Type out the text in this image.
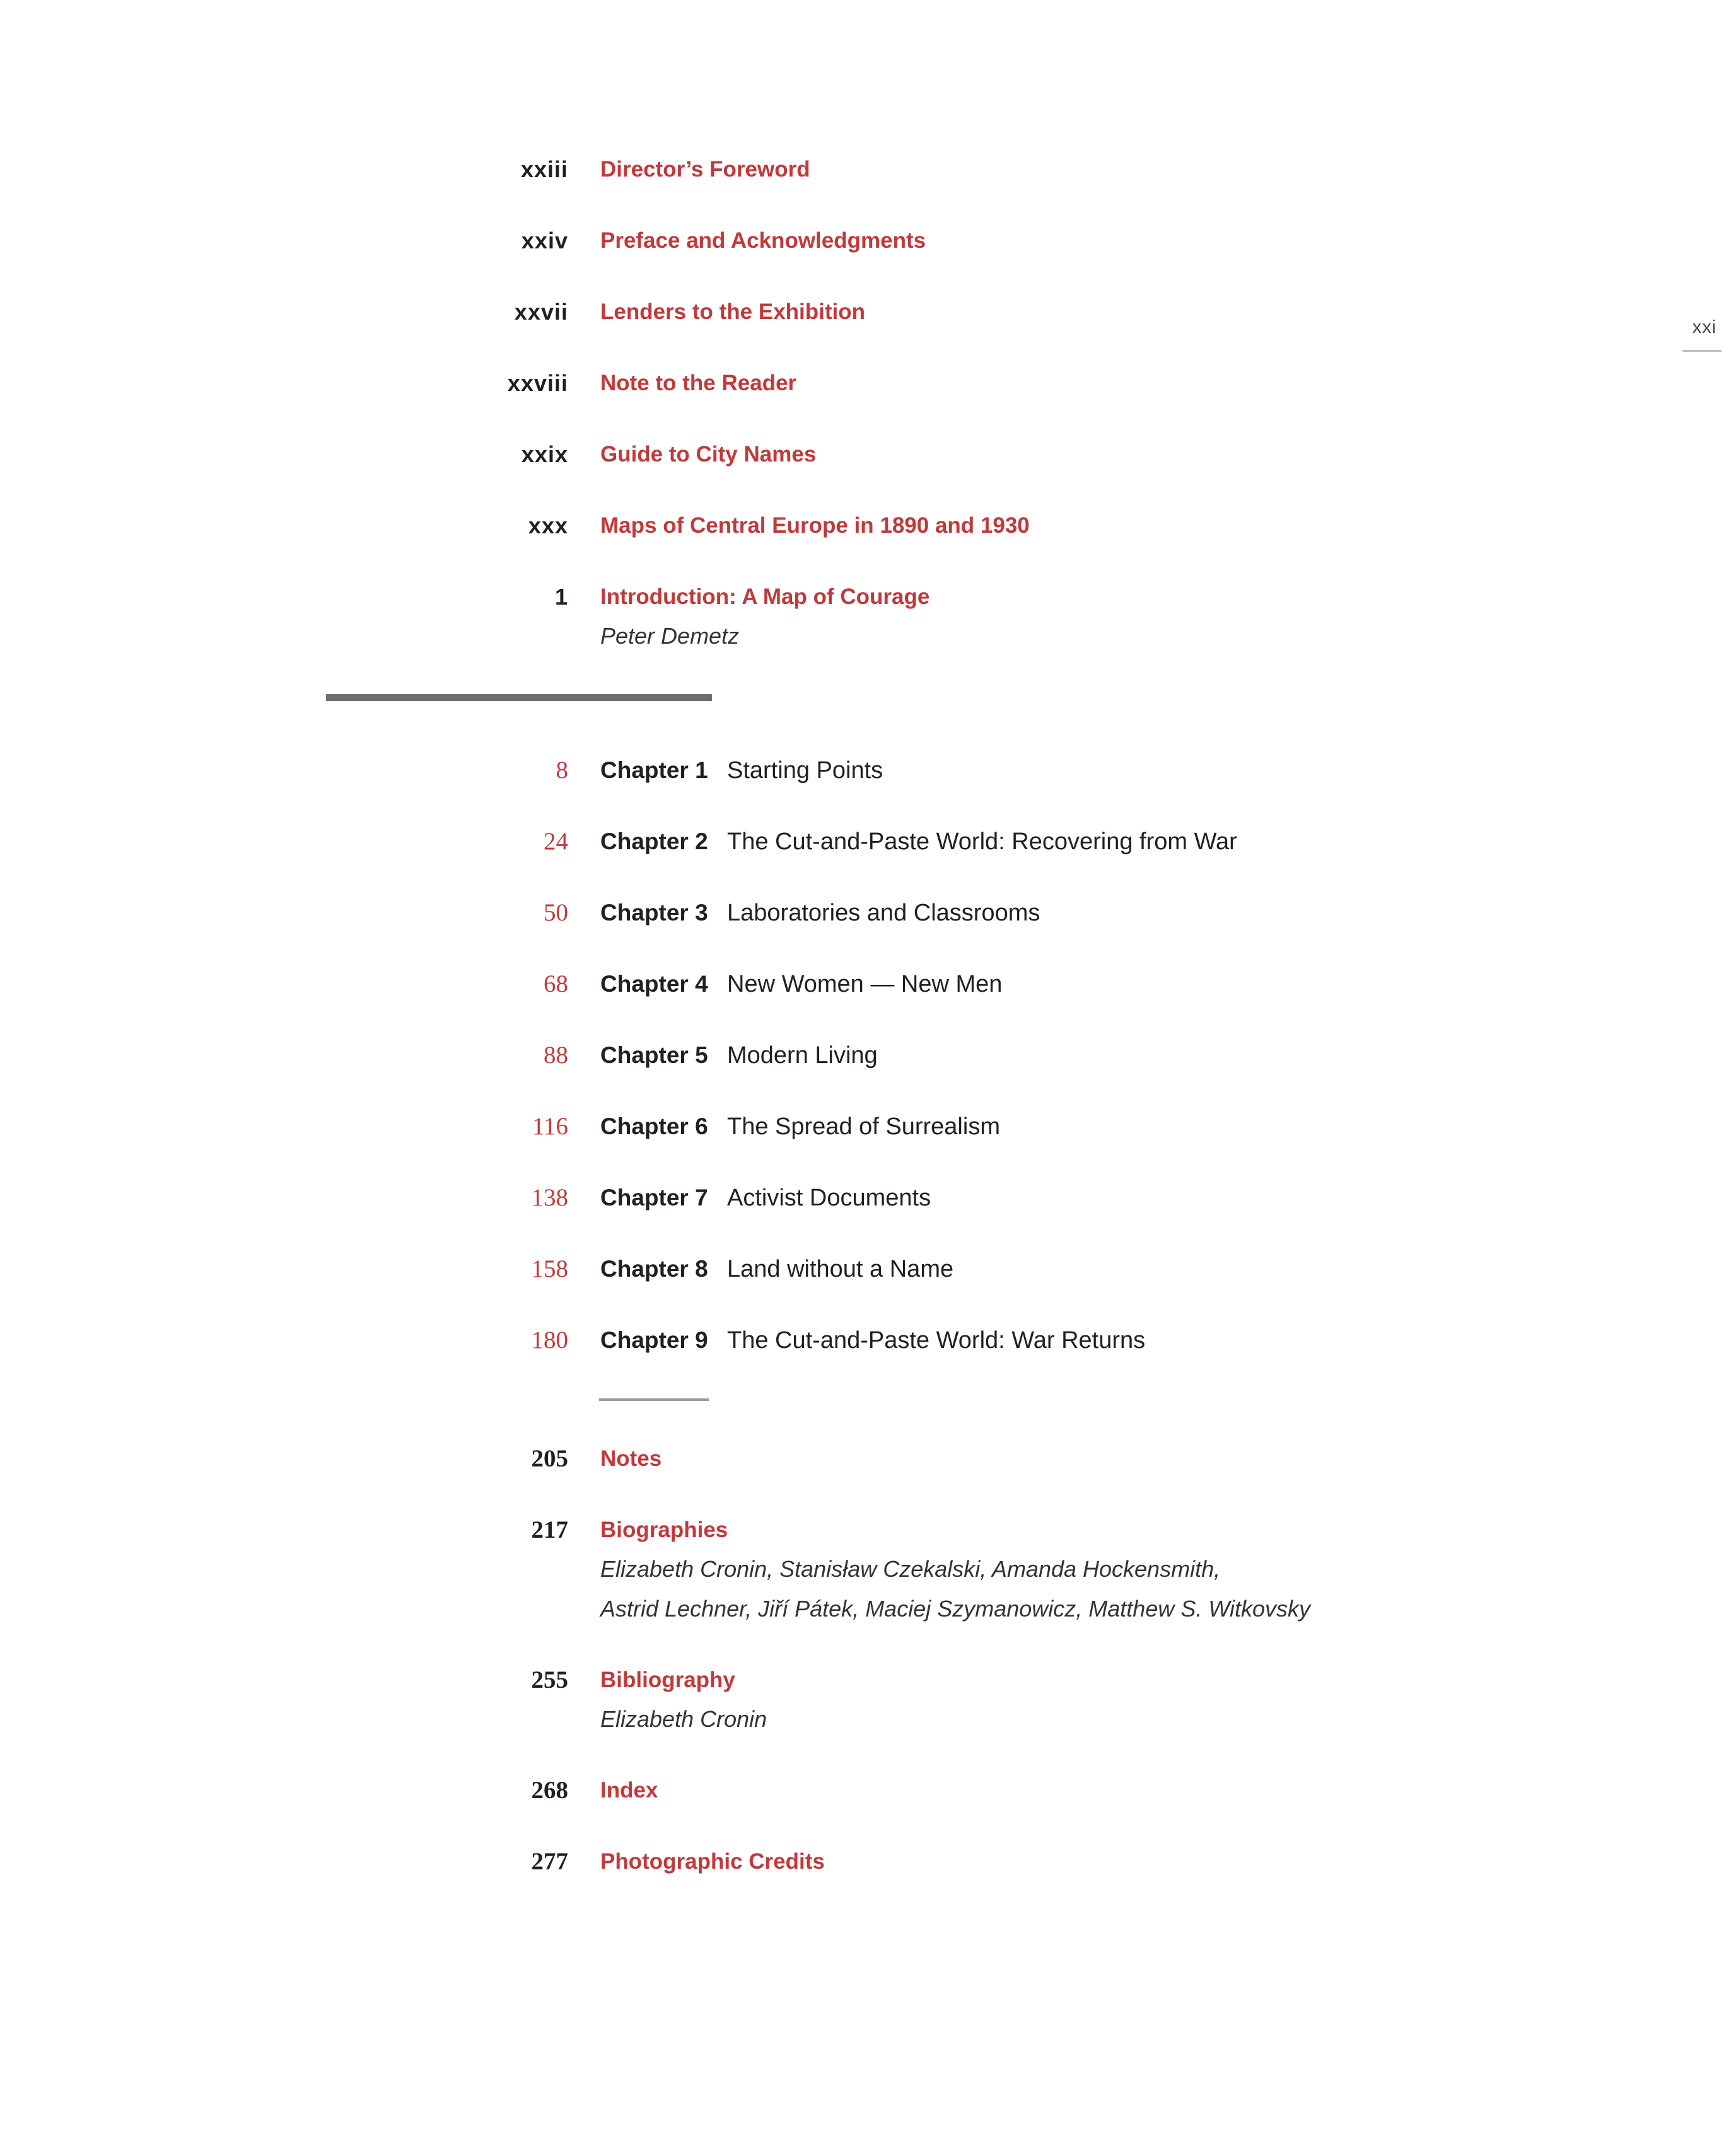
xxi
xxiii Director’s Foreword
xxiv Preface and Acknowledgments
xxvii Lenders to the Exhibition
xxviii Note to the Reader
xxix Guide to City Names
xxx Maps of Central Europe in 1890 and 1930
1 Introduction: A Map of Courage
Peter Demetz
8 Chapter 1 Starting Points
24 Chapter 2 The Cut-and-Paste World: Recovering from War
50 Chapter 3 Laboratories and Classrooms
68 Chapter 4 New Women — New Men
88 Chapter 5 Modern Living
116 Chapter 6 The Spread of Surrealism
138 Chapter 7 Activist Documents
158 Chapter 8 Land without a Name
180 Chapter 9 The Cut-and-Paste World: War Returns
205 Notes
217 Biographies
Elizabeth Cronin, Stanisław Czekalski, Amanda Hockensmith,
Astrid Lechner, Jiří Pátek, Maciej Szymanowicz, Matthew S. Witkovsky
255 Bibliography
Elizabeth Cronin
268 Index
277 Photographic Credits
